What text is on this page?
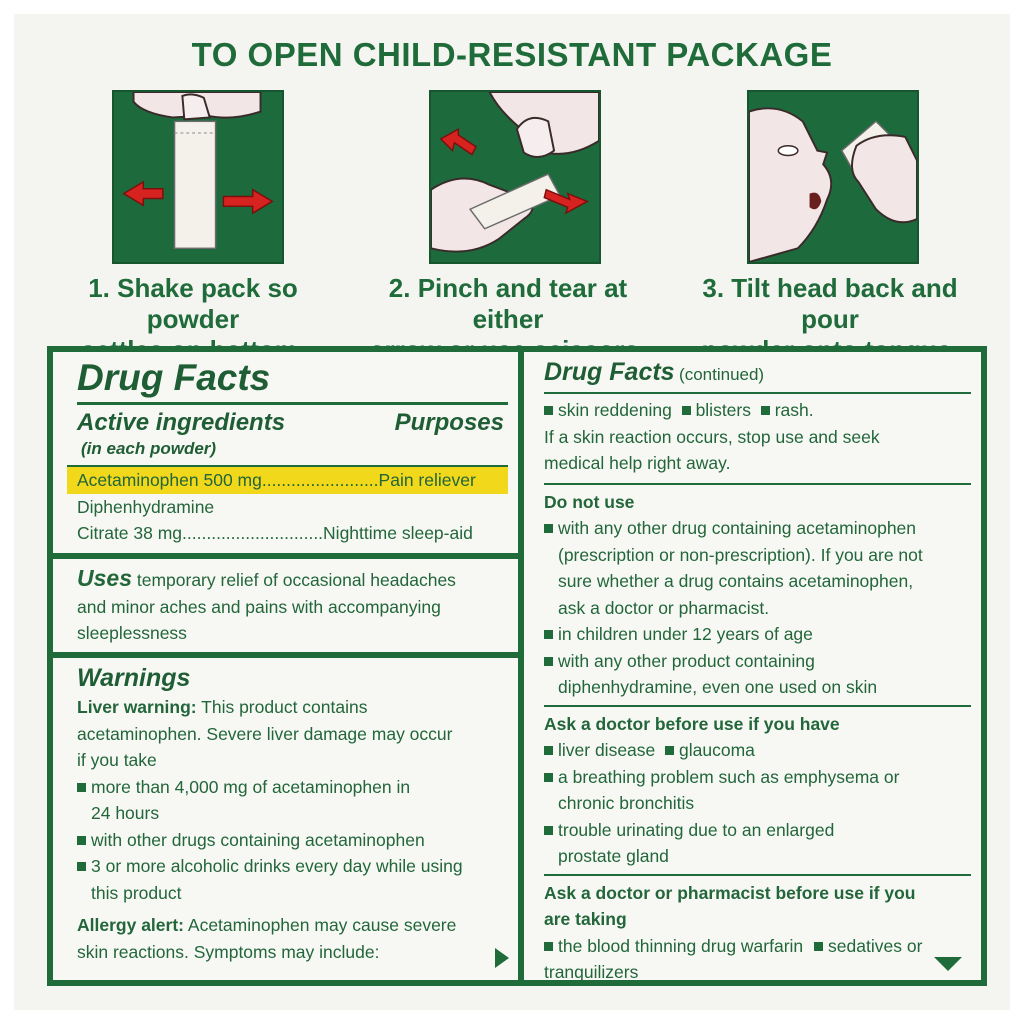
TO OPEN CHILD-RESISTANT PACKAGE
1. Shake pack so powder
2. Pinch and tear at either
3. Tilt head back and pour
Drug Facts
Active ingredients
(in each powder)
Purposes
Acetaminophen 500 mg........................Pain reliever
Diphenhydramine
Citrate 38 mg.............................Nighttime sleep-aid
Uses temporary relief of occasional headaches
and minor aches and pains with accompanying
sleeplessness
Warnings
Liver warning: This product contains
acetaminophen. Severe liver damage may occur
if you take
more than 4,000 mg of acetaminophen in
24 hours
with other drugs containing acetaminophen
3 or more alcoholic drinks every day while using
this product
Allergy alert: Acetaminophen may cause severe
skin reactions. Symptoms may include:
Drug Facts (continued)
skin reddening blisters rash.
If a skin reaction occurs, stop use and seek
medical help right away.
Do not use
with any other drug containing acetaminophen
(prescription or non-prescription). If you are not
sure whether a drug contains acetaminophen,
ask a doctor or pharmacist.
in children under 12 years of age
with any other product containing
diphenhydramine, even one used on skin
Ask a doctor before use if you have
liver disease glaucoma
a breathing problem such as emphysema or
chronic bronchitis
trouble urinating due to an enlarged
prostate gland
Ask a doctor or pharmacist before use if you
are taking
the blood thinning drug warfarin sedatives or
tranquilizers
